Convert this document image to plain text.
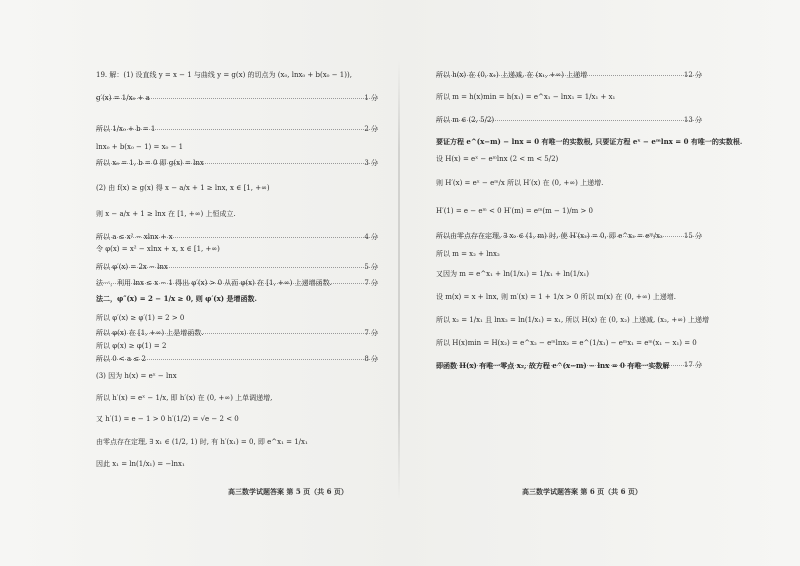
19. 解：(1) 设直线 y = x − 1 与曲线 y = g(x) 的切点为 (x₀, lnx₀ + b(x₀ − 1)),
g′(x) = 1/x₀ + a	1 分
所以 1/x₀ + b = 1	2 分
lnx₀ + b(x₀ − 1) = x₀ − 1
所以 x₀ = 1, b = 0 即 g(x) = lnx	3 分
(2) 由 f(x) ≥ g(x) 得 x − a/x + 1 ≥ lnx, x ∈ [1, +∞)
则 x − a/x + 1 ≥ lnx 在 [1, +∞) 上恒成立.
所以 a ≤ x² − xlnx + x	4 分
令 φ(x) = x² − xlnx + x, x ∈ [1, +∞)
所以 φ′(x) = 2x − lnx	5 分
法一，利用 lnx ≤ x − 1 得出 φ′(x) > 0 从而 φ(x) 在 [1, +∞) 上递增函数.	7 分
法二，φ″(x) = 2 − 1/x ≥ 0, 则 φ′(x) 是增函数.
所以 φ′(x) ≥ φ′(1) = 2 > 0
所以 φ(x) 在 [1, +∞) 上是增函数.	7 分
所以 φ(x) ≥ φ(1) = 2
所以 0 < a ≤ 2	8 分
(3) 因为 h(x) = eˣ − lnx
所以 h′(x) = eˣ − 1/x, 即 h′(x) 在 (0, +∞) 上单调递增,
又 h′(1) = e − 1 > 0 h′(1/2) = √e − 2 < 0
由零点存在定理, ∃ x₁ ∈ (1/2, 1) 时, 有 h′(x₁) = 0, 即 e^x₁ = 1/x₁
因此 x₁ = ln(1/x₁) = −lnx₁
所以 h(x) 在 (0, x₁) 上递减, 在 (x₁, +∞) 上递增	12 分
所以 m = h(x)min = h(x₁) = e^x₁ − lnx₁ = 1/x₁ + x₁
所以 m ∈ (2, 5/2)	13 分
要证方程 e^(x−m) − lnx = 0 有唯一的实数根, 只要证方程 eˣ − eᵐlnx = 0 有唯一的实数根.
设 H(x) = eˣ − eᵐlnx (2 < m < 5/2)
则 H′(x) = eˣ − eᵐ/x 所以 H′(x) 在 (0, +∞) 上递增.
H′(1) = e − eᵐ < 0 H′(m) = eᵐ(m − 1)/m > 0
所以由零点存在定理, ∃ x₂ ∈ (1, m) 时, 使 H′(x₂) = 0, 即 e^x₂ = eᵐ/x₂	15 分
所以 m = x₂ + lnx₂
又因为 m = e^x₁ + ln(1/x₁) = 1/x₁ + ln(1/x₁)
设 m(x) = x + lnx, 则 m′(x) = 1 + 1/x > 0 所以 m(x) 在 (0, +∞) 上递增.
所以 x₂ = 1/x₁ 且 lnx₂ = ln(1/x₁) = x₁, 所以 H(x) 在 (0, x₂) 上递减, (x₂, +∞) 上递增
所以 H(x)min = H(x₂) = e^x₂ − eᵐlnx₂ = e^(1/x₁) − eᵐx₁ = eᵐ(x₁ − x₁) = 0
即函数 H(x) 有唯一零点 x₂, 故方程 e^(x−m) − lnx = 0 有唯一实数解 17 分
高三数学试题答案 第 5 页（共 6 页）	高三数学试题答案 第 6 页（共 6 页）
